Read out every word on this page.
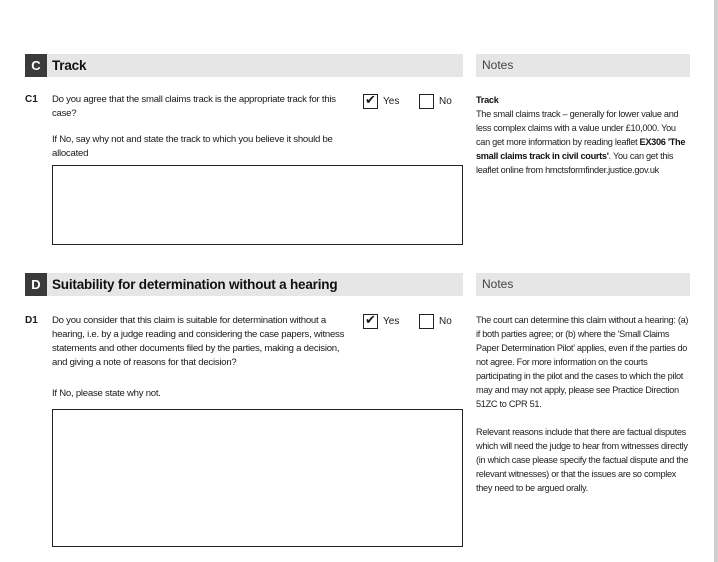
C Track	Notes
C1 Do you agree that the small claims track is the appropriate track for this case?

If No, say why not and state the track to which you believe it should be allocated

✔ Yes	No	Track

The small claims track – generally for lower value and less complex claims with a value under £10,000. You can get more information by reading leaflet EX306 'The small claims track in civil courts'. You can get this leaflet online from hmctsformfinder.justice.gov.uk

D Suitability for determination without a hearing	Notes
D1 Do you consider that this claim is suitable for determination without a hearing, i.e. by a judge reading and considering the case papers, witness statements and other documents filed by the parties, making a decision, and giving a note of reasons for that decision?

If No, please state why not.

✔ Yes	No	The court can determine this claim without a hearing: (a) if both parties agree; or (b) where the 'Small Claims Paper Determination Pilot' applies, even if the parties do not agree. For more information on the courts participating in the pilot and the cases to which the pilot may and may not apply, please see Practice Direction 51ZC to CPR 51.

Relevant reasons include that there are factual disputes which will need the judge to hear from witnesses directly (in which case please specify the factual dispute and the relevant witnesses) or that the issues are so complex they need to be argued orally.
